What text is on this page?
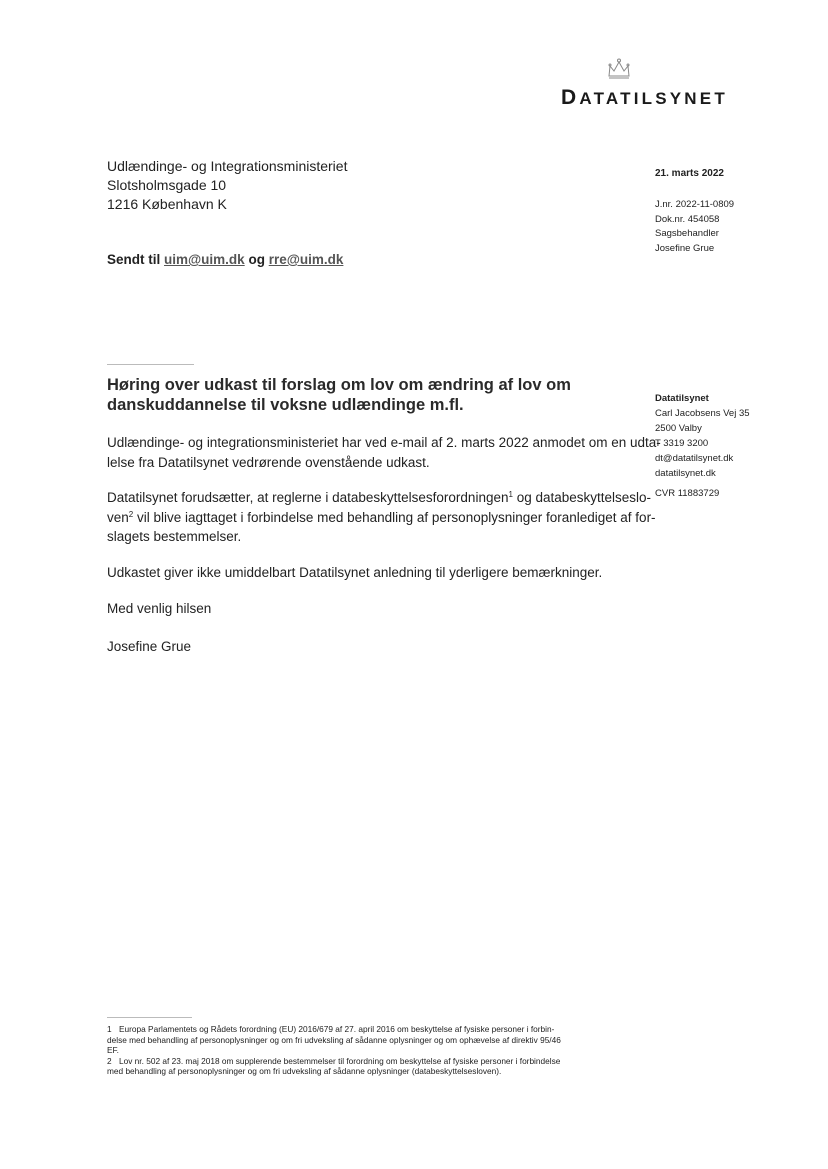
DATATILSYNET
Udlændinge- og Integrationsministeriet
Slotsholmsgade 10
1216 København K
Sendt til uim@uim.dk og rre@uim.dk
21. marts 2022
J.nr. 2022-11-0809
Dok.nr. 454058
Sagsbehandler
Josefine Grue
Datatilsynet
Carl Jacobsens Vej 35
2500 Valby
T 3319 3200
dt@datatilsynet.dk
datatilsynet.dk
CVR 11883729
Høring over udkast til forslag om lov om ændring af lov om
danskuddannelse til voksne udlændinge m.fl.
Udlændinge- og integrationsministeriet har ved e-mail af 2. marts 2022 anmodet om en udta-
lelse fra Datatilsynet vedrørende ovenstående udkast.
Datatilsynet forudsætter, at reglerne i databeskyttelsesforordningen$^1$ og databeskyttelseslo-
ven$^2$ vil blive iagttaget i forbindelse med behandling af personoplysninger foranlediget af for-
slagets bestemmelser.
Udkastet giver ikke umiddelbart Datatilsynet anledning til yderligere bemærkninger.
Med venlig hilsen
Josefine Grue
1 Europa Parlamentets og Rådets forordning (EU) 2016/679 af 27. april 2016 om beskyttelse af fysiske personer i forbin-
delse med behandling af personoplysninger og om fri udveksling af sådanne oplysninger og om ophævelse af direktiv 95/46
EF.
2 Lov nr. 502 af 23. maj 2018 om supplerende bestemmelser til forordning om beskyttelse af fysiske personer i forbindelse
med behandling af personoplysninger og om fri udveksling af sådanne oplysninger (databeskyttelsesloven).
